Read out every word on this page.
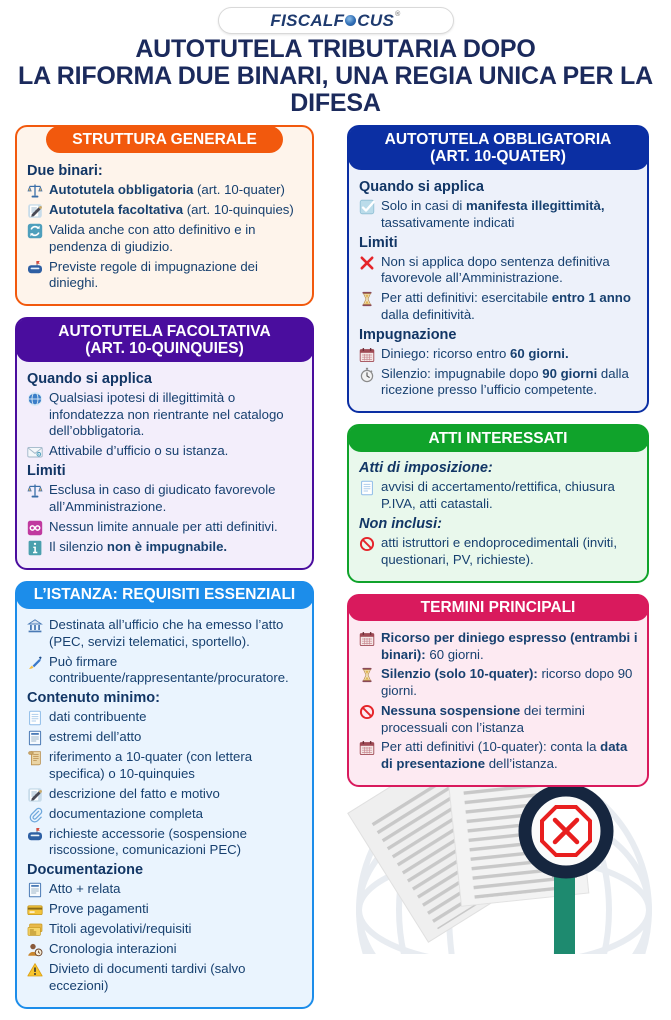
FISCALF CUS ®
AUTOTUTELA TRIBUTARIA DOPO
LA RIFORMA DUE BINARI, UNA REGIA UNICA PER LA
DIFESA
STRUTTURA GENERALE
Due binari:
Autotutela obbligatoria (art. 10-quater)
Autotutela facoltativa (art. 10-quinquies)
Valida anche con atto definitivo e in pendenza di giudizio.
Previste regole di impugnazione dei dinieghi.
AUTOTUTELA FACOLTATIVA
(ART. 10-QUINQUIES)
Quando si applica
Qualsiasi ipotesi di illegittimità o infondatezza non rientrante nel catalogo dell’obbligatoria.
Attivabile d’ufficio o su istanza.
Limiti
Esclusa in caso di giudicato favorevole all’Amministrazione.
Nessun limite annuale per atti definitivi.
Il silenzio non è impugnabile.
L’ISTANZA: REQUISITI ESSENZIALI
Destinata all’ufficio che ha emesso l’atto (PEC, servizi telematici, sportello).
Può firmare contribuente/rappresentante/procuratore.
Contenuto minimo:
dati contribuente
estremi dell’atto
riferimento a 10-quater (con lettera specifica) o 10-quinquies
descrizione del fatto e motivo
documentazione completa
richieste accessorie (sospensione riscossione, comunicazioni PEC)
Documentazione
Atto + relata
Prove pagamenti
Titoli agevolativi/requisiti
Cronologia interazioni
Divieto di documenti tardivi (salvo eccezioni)
AUTOTUTELA OBBLIGATORIA
(ART. 10-QUATER)
Quando si applica
Solo in casi di manifesta illegittimità, tassativamente indicati
Limiti
Non si applica dopo sentenza definitiva favorevole all’Amministrazione.
Per atti definitivi: esercitabile entro 1 anno dalla definitività.
Impugnazione
Diniego: ricorso entro 60 giorni.
Silenzio: impugnabile dopo 90 giorni dalla ricezione presso l’ufficio competente.
ATTI INTERESSATI
Atti di imposizione:
avvisi di accertamento/rettifica, chiusura P.IVA, atti catastali.
Non inclusi:
atti istruttori e endoprocedimentali (inviti, questionari, PV, richieste).
TERMINI PRINCIPALI
Ricorso per diniego espresso (entrambi i binari): 60 giorni.
Silenzio (solo 10-quater): ricorso dopo 90 giorni.
Nessuna sospensione dei termini processuali con l’istanza
Per atti definitivi (10-quater): conta la data di presentazione dell’istanza.
